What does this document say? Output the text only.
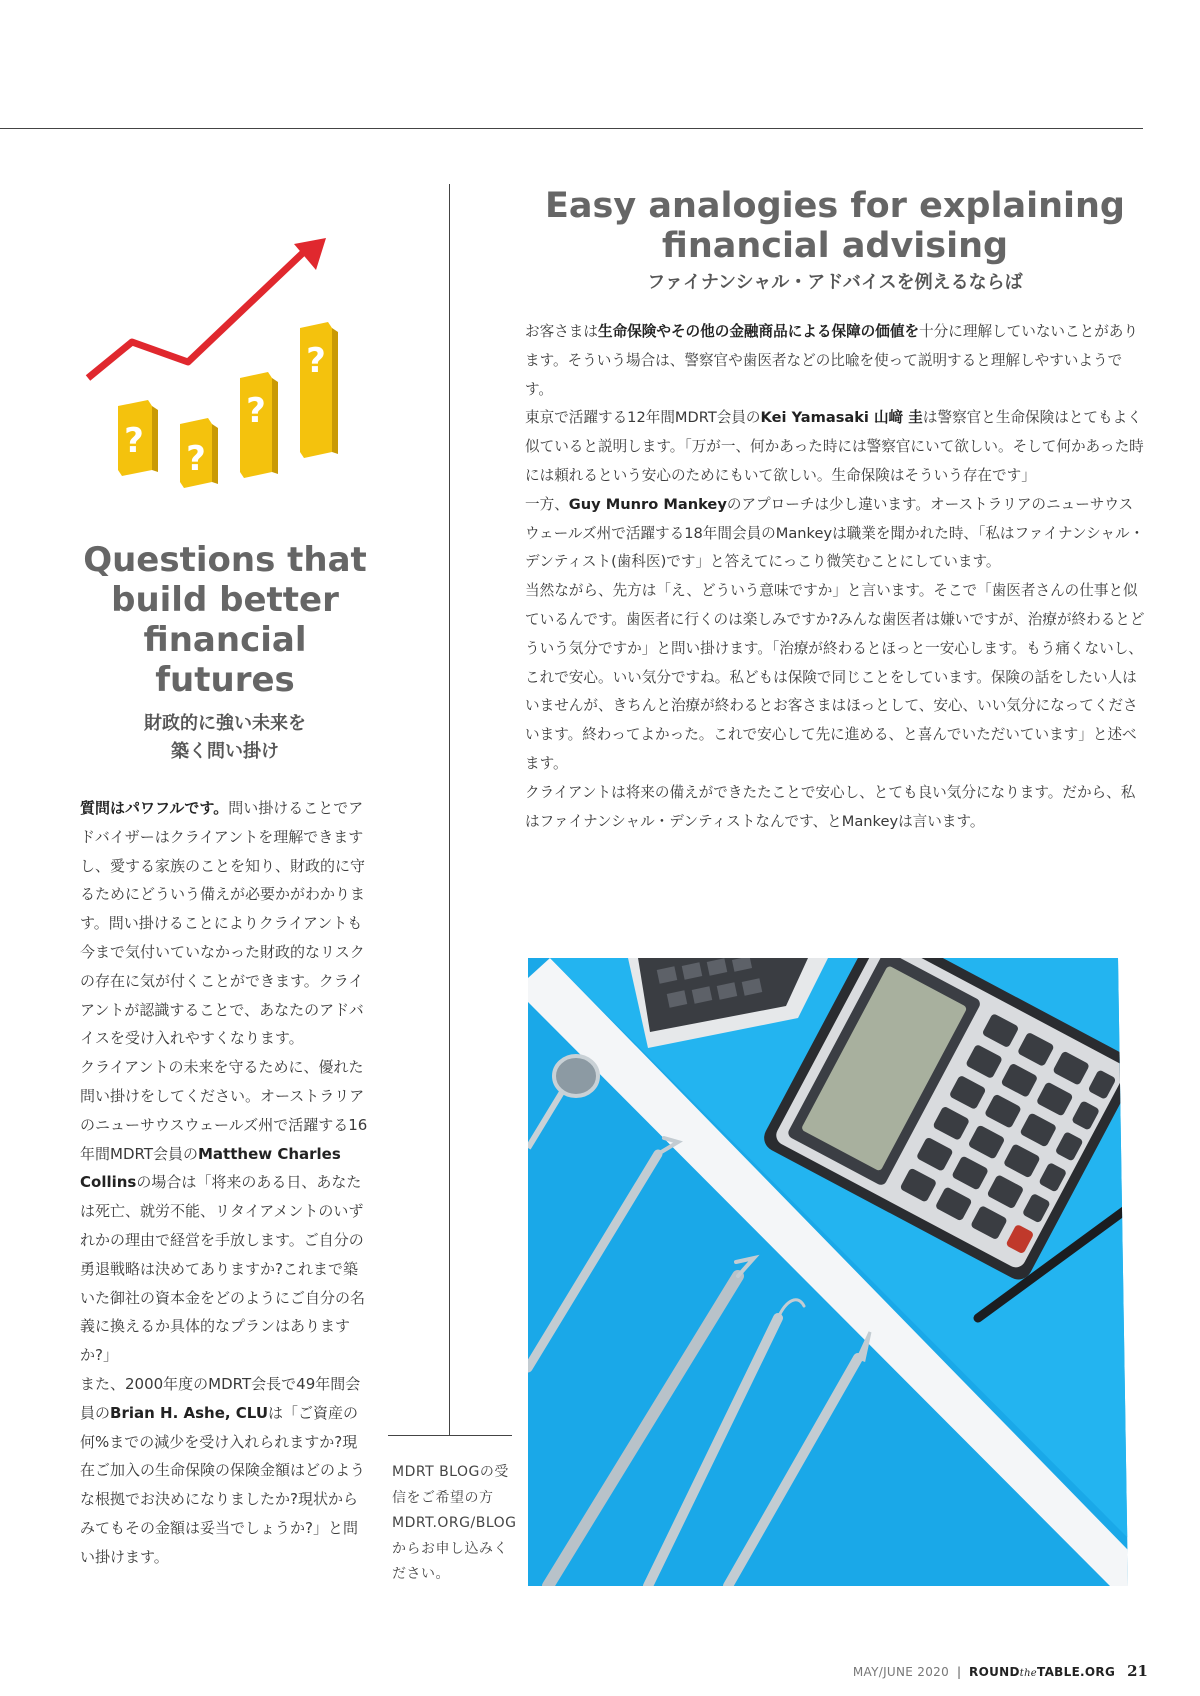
? ?
?
?
Questions that
build better
financial
futures
財政的に強い未来を
築く問い掛け

質問はパワフルです。問い掛けることでアドバイザーはクライアントを理解できますし、愛する家族のことを知り、財政的に守るためにどういう備えが必要かがわかります。問い掛けることによりクライアントも今まで気付いていなかった財政的なリスクの存在に気が付くことができます。クライアントが認識することで、あなたのアドバイスを受け入れやすくなります。

クライアントの未来を守るために、優れた問い掛けをしてください。オーストラリアのニューサウスウェールズ州で活躍する16年間MDRT会員のMatthew Charles Collinsの場合は「将来のある日、あなたは死亡、就労不能、リタイアメントのいずれかの理由で経営を手放します。ご自分の勇退戦略は決めてありますか?これまで築いた御社の資本金をどのようにご自分の名義に換えるか具体的なプランはありますか?」

また、2000年度のMDRT会長で49年間会員のBrian H. Ashe, CLUは「ご資産の何%までの減少を受け入れられますか?現在ご加入の生命保険の保険金額はどのような根拠でお決めになりましたか?現状からみてもその金額は妥当でしょうか?」と問い掛けます。

Easy analogies for explaining
financial advising
ファイナンシャル・アドバイスを例えるならば

お客さまは生命保険やその他の金融商品による保障の価値を十分に理解していないことがあります。そういう場合は、警察官や歯医者などの比喩を使って説明すると理解しやすいようです。

東京で活躍する12年間MDRT会員のKei Yamasaki 山﨑 圭は警察官と生命保険はとてもよく似ていると説明します。「万が一、何かあった時には警察官にいて欲しい。そして何かあった時には頼れるという安心のためにもいて欲しい。生命保険はそういう存在です」

一方、Guy Munro Mankeyのアプローチは少し違います。オーストラリアのニューサウスウェールズ州で活躍する18年間会員のMankeyは職業を聞かれた時、「私はファイナンシャル・デンティスト(歯科医)です」と答えてにっこり微笑むことにしています。

当然ながら、先方は「え、どういう意味ですか」と言います。そこで「歯医者さんの仕事と似ているんです。歯医者に行くのは楽しみですか?みんな歯医者は嫌いですが、治療が終わるとどういう気分ですか」と問い掛けます。「治療が終わるとほっと一安心します。もう痛くないし、これで安心。いい気分ですね。私どもは保険で同じことをしています。保険の話をしたい人はいませんが、きちんと治療が終わるとお客さまはほっとして、安心、いい気分になってくださいます。終わってよかった。これで安心して先に進める、と喜んでいただいています」と述べます。

クライアントは将来の備えができたたことで安心し、とても良い気分になります。だから、私はファイナンシャル・デンティストなんです、とMankeyは言います。

MDRT BLOGの受信をご希望の方MDRT.ORG/BLOGからお申し込みください。
MAY/JUNE 2020 | ROUNDtheTABLE.ORG 21
